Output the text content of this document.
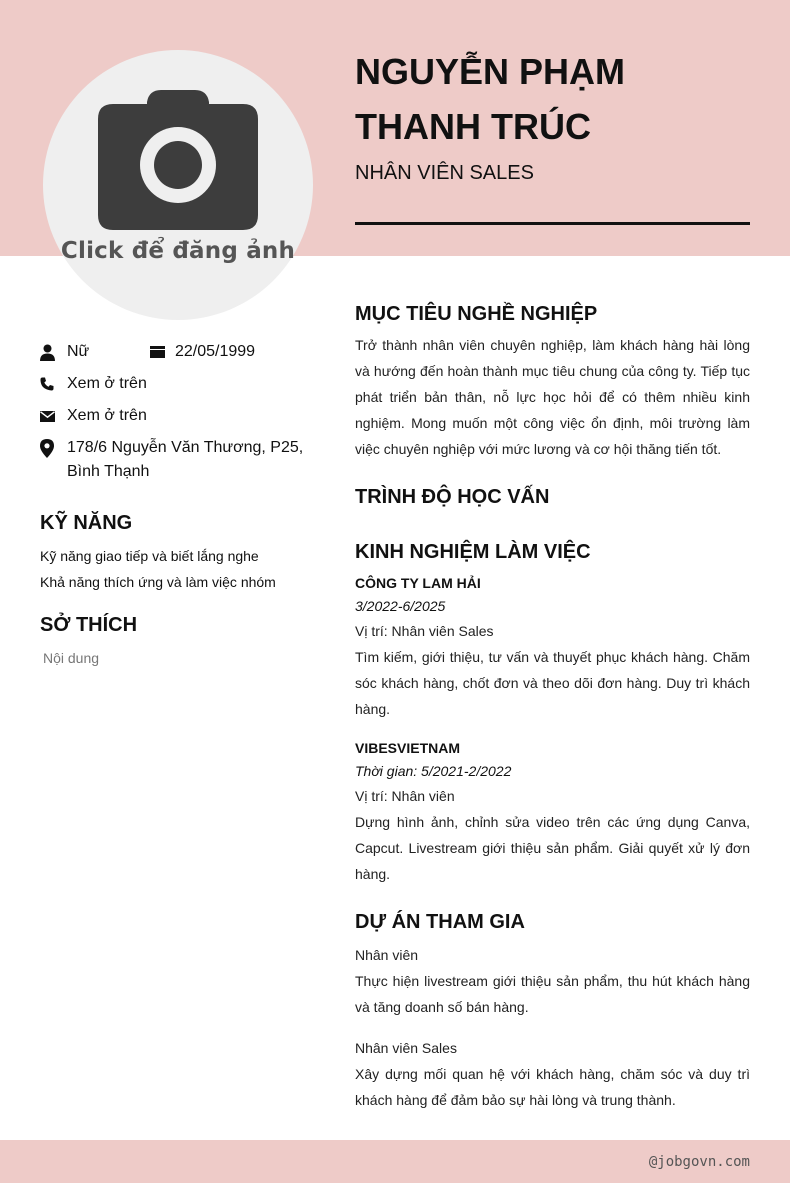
Click để đăng ảnh
NGUYỄN PHẠM THANH TRÚC
NHÂN VIÊN SALES
Nữ	22/05/1999
Xem ở trên
Xem ở trên
178/6 Nguyễn Văn Thương, P25, Bình Thạnh
KỸ NĂNG
Kỹ năng giao tiếp và biết lắng nghe
Khả năng thích ứng và làm việc nhóm
SỞ THÍCH
Nội dung
MỤC TIÊU NGHỀ NGHIỆP
Trở thành nhân viên chuyên nghiệp, làm khách hàng hài lòng và hướng đến hoàn thành mục tiêu chung của công ty. Tiếp tục phát triển bản thân, nỗ lực học hỏi để có thêm nhiều kinh nghiệm. Mong muốn một công việc ổn định, môi trường làm việc chuyên nghiệp với mức lương và cơ hội thăng tiến tốt.
TRÌNH ĐỘ HỌC VẤN
KINH NGHIỆM LÀM VIỆC
CÔNG TY LAM HẢI
3/2022-6/2025
Vị trí: Nhân viên Sales
Tìm kiếm, giới thiệu, tư vấn và thuyết phục khách hàng. Chăm sóc khách hàng, chốt đơn và theo dõi đơn hàng. Duy trì khách hàng.
VIBESVIETNAM
Thời gian: 5/2021-2/2022
Vị trí: Nhân viên
Dựng hình ảnh, chỉnh sửa video trên các ứng dụng Canva, Capcut. Livestream giới thiệu sản phẩm. Giải quyết xử lý đơn hàng.
DỰ ÁN THAM GIA
Nhân viên
Thực hiện livestream giới thiệu sản phẩm, thu hút khách hàng và tăng doanh số bán hàng.
Nhân viên Sales
Xây dựng mối quan hệ với khách hàng, chăm sóc và duy trì khách hàng để đảm bảo sự hài lòng và trung thành.
@jobgovn.com
